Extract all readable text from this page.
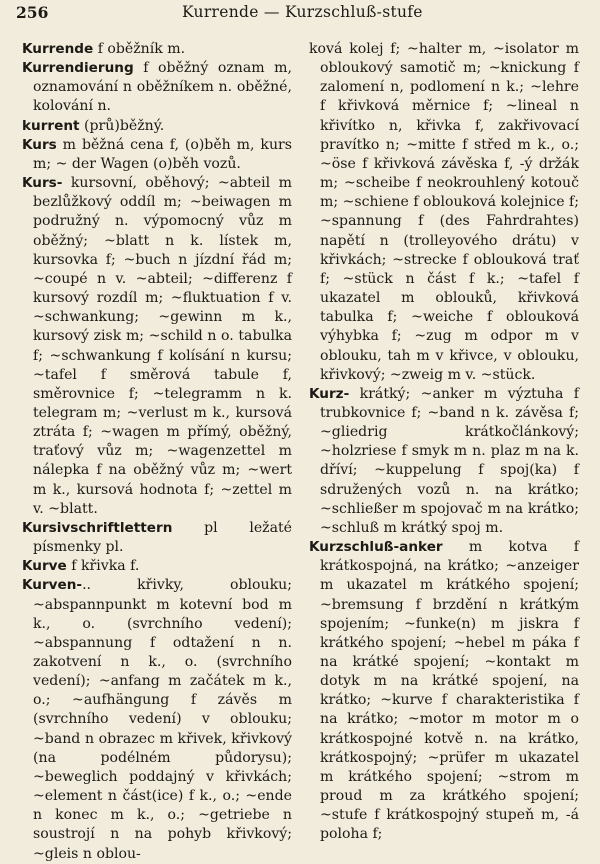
256	Kurrende — Kurzschluß-stufe

Kurrende f oběžník m.

Kurrendierung f oběžný oznam m, oznamování n oběžníkem n. oběžné, kolování n.

kurrent (prů)běžný.

Kurs m běžná cena f, (o)běh m, kurs m; ~ der Wagen (o)běh vozů.

Kurs- kursovní, oběhový; ~abteil m bezlůžkový oddíl m; ~beiwagen m podružný n. výpomocný vůz m oběžný; ~blatt n k. lístek m, kursovka f; ~buch n jízdní řád m; ~coupé n v. ~abteil; ~differenz f kursový rozdíl m; ~fluktuation f v. ~schwankung; ~gewinn m k., kursový zisk m; ~schild n o. tabulka f; ~schwankung f kolísání n kursu; ~tafel f směrová tabule f, směrovnice f; ~telegramm n k. telegram m; ~verlust m k., kursová ztráta f; ~wagen m přímý, oběžný, traťový vůz m; ~wagenzettel m nálepka f na oběžný vůz m; ~wert m k., kursová hodnota f; ~zettel m v. ~blatt.

Kursivschriftlettern pl ležaté písmenky pl.

Kurve f křivka f.

Kurven-.. křivky, oblouku; ~abspannpunkt m kotevní bod m k., o. (svrchního vedení); ~abspannung f odtažení n n. zakotvení n k., o. (svrchního vedení); ~anfang m začátek m k., o.; ~aufhängung f závěs m (svrchního vedení) v oblouku; ~band n obrazec m křivek, křivkový (na podélném půdorysu); ~beweglich poddajný v křivkách; ~element n část(ice) f k., o.; ~ende n konec m k., o.; ~getriebe n soustrojí n na pohyb křivkový; ~gleis n oblou-

ková kolej f; ~halter m, ~isolator m obloukový samotič m; ~knickung f zalomení n, podlomení n k.; ~lehre f křivková měrnice f; ~lineal n křivítko n, křivka f, zakřivovací pravítko n; ~mitte f střed m k., o.; ~öse f křivková závěska f, -ý držák m; ~scheibe f neokrouhlený kotouč m; ~schiene f oblouková kolejnice f; ~spannung f (des Fahrdrahtes) napětí n (trolleyového drátu) v křivkách; ~strecke f oblouková trať f; ~stück n část f k.; ~tafel f ukazatel m oblouků, křivková tabulka f; ~weiche f oblouková výhybka f; ~zug m odpor m v oblouku, tah m v křivce, v oblouku, křivkový; ~zweig m v. ~stück.

Kurz- krátký; ~anker m výztuha f trubkovnice f; ~band n k. závěsa f; ~gliedrig krátkočlánkový; ~holzriese f smyk m n. plaz m na k. dříví; ~kuppelung f spoj(ka) f sdružených vozů n. na krátko; ~schließer m spojovač m na krátko; ~schluß m krátký spoj m.

Kurzschluß-anker m kotva f krátkospojná, na krátko; ~anzeiger m ukazatel m krátkého spojení; ~bremsung f brzdění n krátkým spojením; ~funke(n) m jiskra f krátkého spojení; ~hebel m páka f na krátké spojení; ~kontakt m dotyk m na krátké spojení, na krátko; ~kurve f charakteristika f na krátko; ~motor m motor m o krátkospojné kotvě n. na krátko, krátkospojný; ~prüfer m ukazatel m krátkého spojení; ~strom m proud m za krátkého spojení; ~stufe f krátkospojný stupeň m, -á poloha f;
